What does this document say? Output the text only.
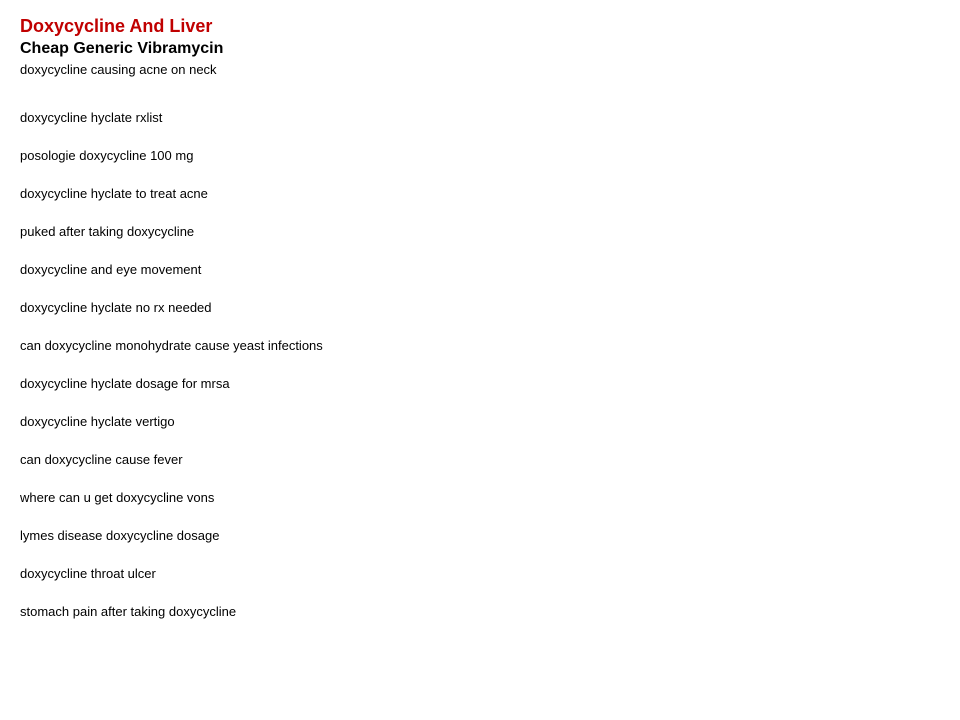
Doxycycline And Liver
Cheap Generic Vibramycin
doxycycline causing acne on neck
doxycycline hyclate rxlist
posologie doxycycline 100 mg
doxycycline hyclate to treat acne
puked after taking doxycycline
doxycycline and eye movement
doxycycline hyclate no rx needed
can doxycycline monohydrate cause yeast infections
doxycycline hyclate dosage for mrsa
doxycycline hyclate vertigo
can doxycycline cause fever
where can u get doxycycline vons
lymes disease doxycycline dosage
doxycycline throat ulcer
stomach pain after taking doxycycline
